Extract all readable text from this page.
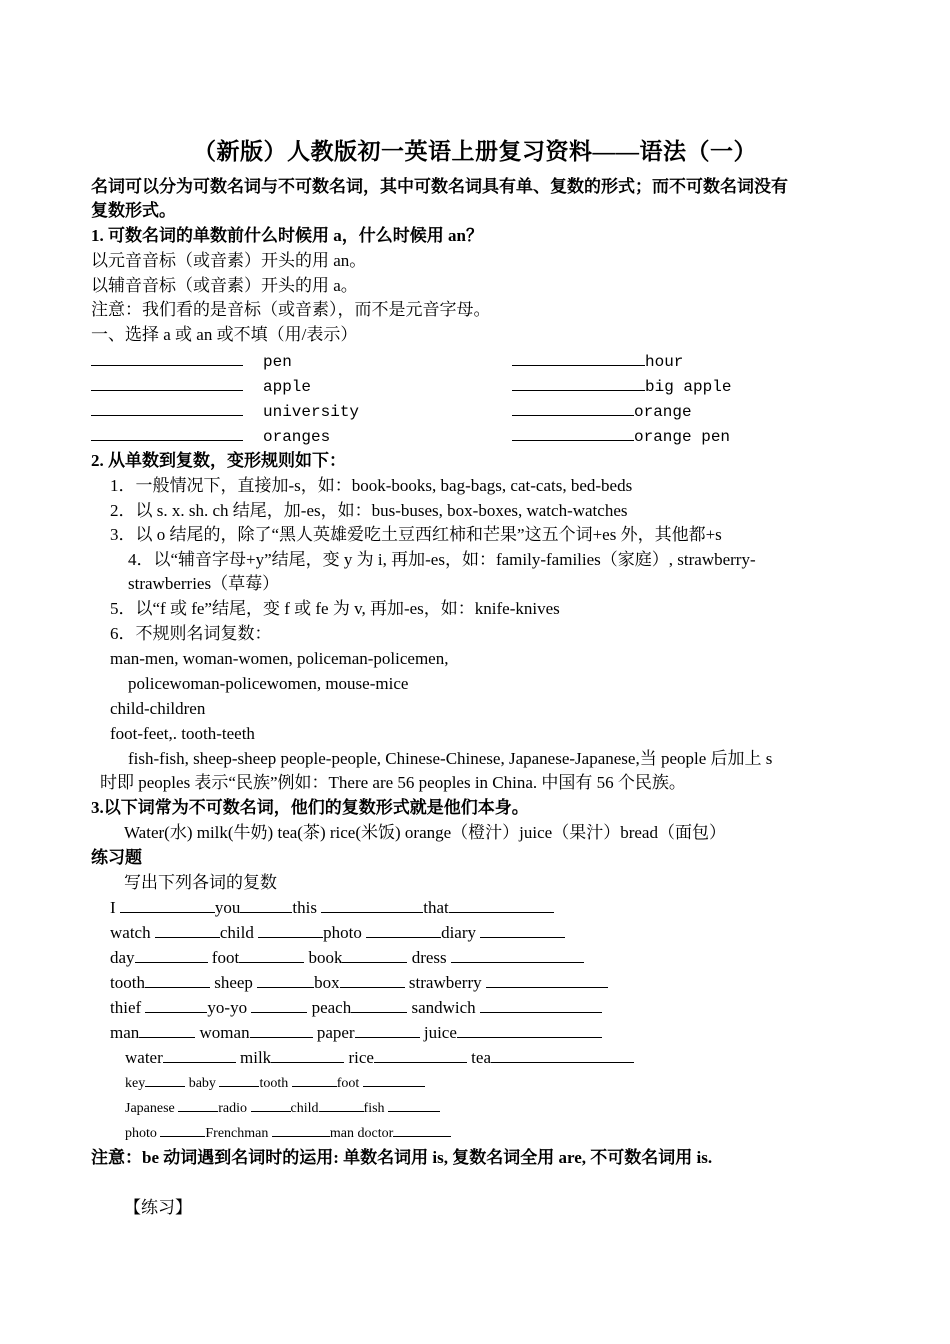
（新版）人教版初一英语上册复习资料——语法（一）
名词可以分为可数名词与不可数名词，其中可数名词具有单、复数的形式；而不可数名词没有
复数形式。
1. 可数名词的单数前什么时候用 a，什么时候用 an？
以元音音标（或音素）开头的用 an。
以辅音音标（或音素）开头的用 a。
注意：我们看的是音标（或音素），而不是元音字母。
一、选择 a 或 an 或不填（用/表示）
pen	hour
apple	big apple
university	orange
oranges	orange pen
2. 从单数到复数，变形规则如下：
1．一般情况下，直接加-s，如：book-books, bag-bags, cat-cats, bed-beds
2．以 s. x. sh. ch 结尾，加-es，如：bus-buses, box-boxes, watch-watches
3．以 o 结尾的，除了“黑人英雄爱吃土豆西红柿和芒果”这五个词+es 外，其他都+s
4．以“辅音字母+y”结尾，变 y 为 i, 再加-es，如：family-families（家庭）, strawberry-
strawberries（草莓）
5．以“f 或 fe”结尾，变 f 或 fe 为 v, 再加-es，如：knife-knives
6．不规则名词复数：
man-men, woman-women, policeman-policemen,
policewoman-policewomen, mouse-mice
child-children
foot-feet,. tooth-teeth
fish-fish, sheep-sheep people-people, Chinese-Chinese, Japanese-Japanese,当 people 后加上 s
时即 peoples 表示“民族”例如：There are 56 peoples in China. 中国有 56 个民族。
3.以下词常为不可数名词，他们的复数形式就是他们本身。
Water(水) milk(牛奶) tea(茶) rice(米饭) orange（橙汁）juice（果汁）bread（面包）
练习题
写出下列各词的复数
I	you	this	that
watch	child	photo	diary
day	foot	book	dress
tooth	sheep	box	strawberry
thief	yo-yo	peach	sandwich
man	woman	paper	juice
water	milk	rice	tea
key	baby	tooth	foot
Japanese	radio	child	fish
photo	Frenchman	man doctor
注意：be 动词遇到名词时的运用: 单数名词用 is, 复数名词全用 are, 不可数名词用 is.
【练习】
